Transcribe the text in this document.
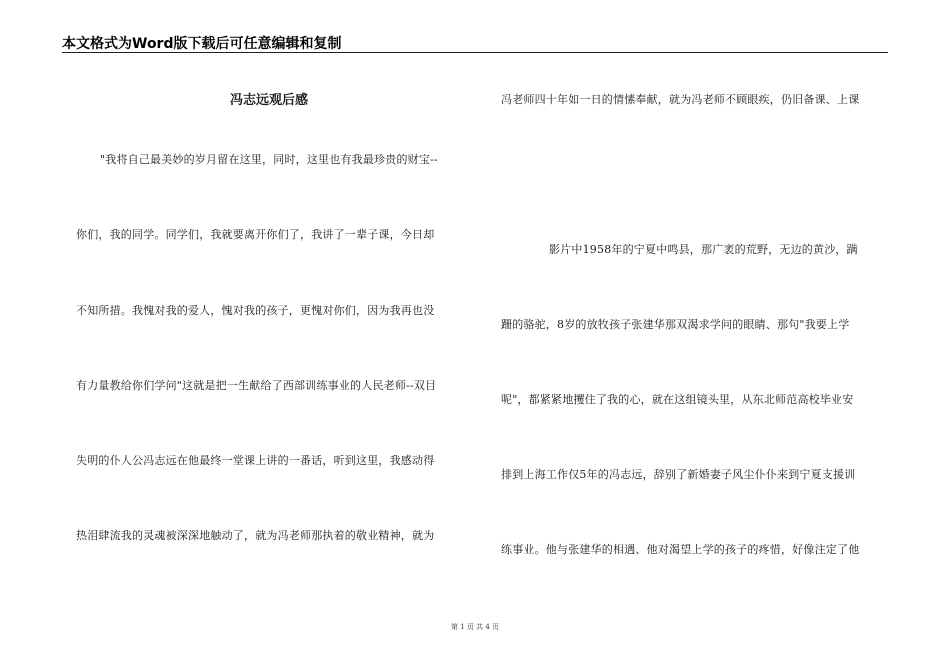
本文格式为Word版下载后可任意编辑和复制
冯志远观后感
"我将自己最美妙的岁月留在这里，同时，这里也有我最珍贵的财宝--
你们，我的同学。同学们，我就要离开你们了，我讲了一辈子课，今日却
不知所措。我愧对我的爱人，愧对我的孩子，更愧对你们，因为我再也没
有力量教给你们学问"这就是把一生献给了西部训练事业的人民老师--双目
失明的仆人公冯志远在他最终一堂课上讲的一番话，听到这里，我感动得
热泪肆流我的灵魂被深深地触动了，就为冯老师那执着的敬业精神，就为
冯老师四十年如一日的情愫奉献，就为冯老师不顾眼疾，仍旧备课、上课
影片中1958年的宁夏中鸣县，那广袤的荒野，无边的黄沙，蹒
跚的骆驼，8岁的放牧孩子张建华那双渴求学问的眼睛、那句"我要上学
呢"，都紧紧地攫住了我的心，就在这组镜头里，从东北师范高校毕业安
排到上海工作仅5年的冯志远，辞别了新婚妻子风尘仆仆来到宁夏支援训
练事业。他与张建华的相遇、他对渴望上学的孩子的疼惜，好像注定了他
第 1 页 共 4 页
